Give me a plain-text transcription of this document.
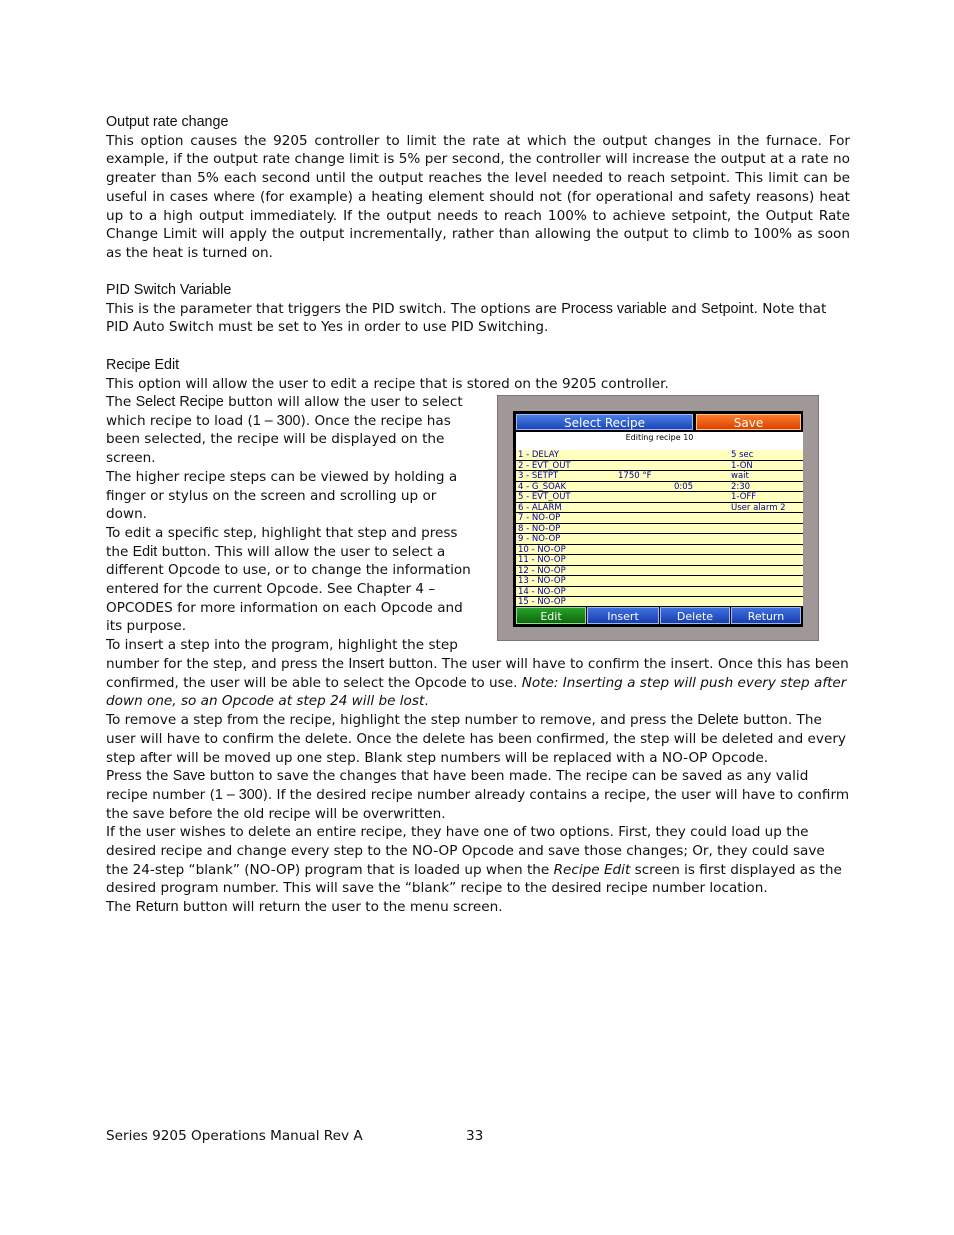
Output rate change

This option causes the 9205 controller to limit the rate at which the output changes in the furnace. For example, if the output rate change limit is 5% per second, the controller will increase the output at a rate no greater than 5% each second until the output reaches the level needed to reach setpoint. This limit can be useful in cases where (for example) a heating element should not (for operational and safety reasons) heat up to a high output immediately. If the output needs to reach 100% to achieve setpoint, the Output Rate Change Limit will apply the output incrementally, rather than allowing the output to climb to 100% as soon as the heat is turned on.

PID Switch Variable

This is the parameter that triggers the PID switch. The options are Process variable and Setpoint. Note that PID Auto Switch must be set to Yes in order to use PID Switching.

Recipe Edit

This option will allow the user to edit a recipe that is stored on the 9205 controller.

The Select Recipe button will allow the user to select which recipe to load (1 – 300). Once the recipe has been selected, the recipe will be displayed on the screen.

The higher recipe steps can be viewed by holding a finger or stylus on the screen and scrolling up or down.

To edit a specific step, highlight that step and press the Edit button. This will allow the user to select a different Opcode to use, or to change the information entered for the current Opcode. See Chapter 4 – OPCODES for more information on each Opcode and its purpose.

To insert a step into the program, highlight the step

number for the step, and press the Insert button. The user will have to confirm the insert. Once this has been confirmed, the user will be able to select the Opcode to use. Note: Inserting a step will push every step after down one, so an Opcode at step 24 will be lost.

To remove a step from the recipe, highlight the step number to remove, and press the Delete button. The user will have to confirm the delete. Once the delete has been confirmed, the step will be deleted and every step after will be moved up one step. Blank step numbers will be replaced with a NO-OP Opcode.

Press the Save button to save the changes that have been made. The recipe can be saved as any valid recipe number (1 – 300). If the desired recipe number already contains a recipe, the user will have to confirm the save before the old recipe will be overwritten.

If the user wishes to delete an entire recipe, they have one of two options. First, they could load up the desired recipe and change every step to the NO-OP Opcode and save those changes; Or, they could save the 24-step “blank” (NO-OP) program that is loaded up when the Recipe Edit screen is first displayed as the desired program number. This will save the “blank” recipe to the desired recipe number location.

The Return button will return the user to the menu screen.

Select Recipe	Save
Editing recipe 10
1 - DELAY	5 sec
2 - EVT_OUT	1-ON
3 - SETPT	1750 °F	wait
4 - G_SOAK	0:05	2:30
5 - EVT_OUT	1-OFF
6 - ALARM	User alarm 2
7 - NO-OP
8 - NO-OP
9 - NO-OP
10 - NO-OP
11 - NO-OP
12 - NO-OP
13 - NO-OP
14 - NO-OP
15 - NO-OP
Edit	Insert	Delete	Return
Series 9205 Operations Manual Rev A	33
